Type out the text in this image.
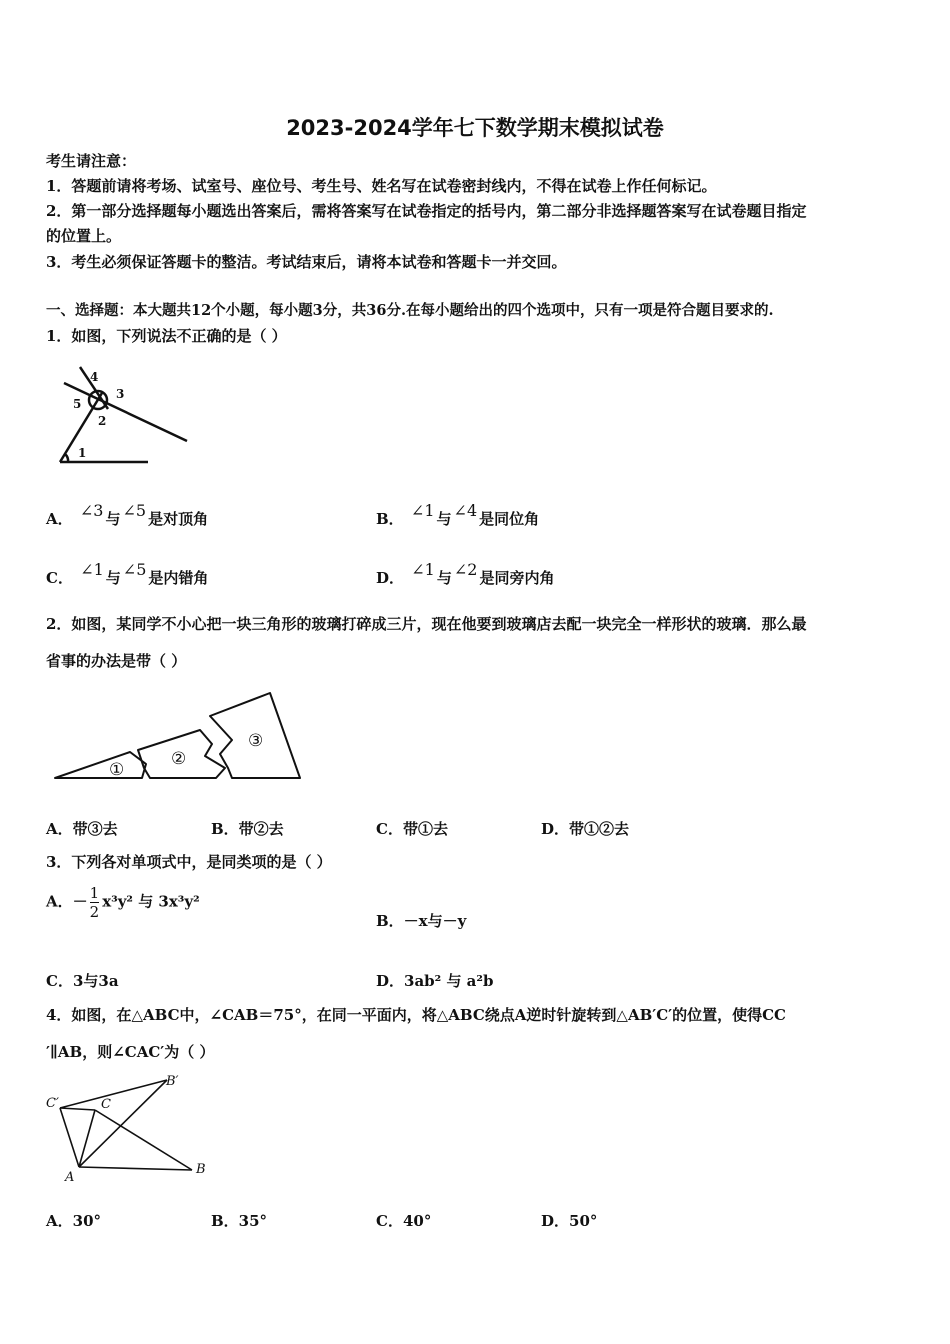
2023-2024学年七下数学期末模拟试卷
考生请注意：
1．答题前请将考场、试室号、座位号、考生号、姓名写在试卷密封线内，不得在试卷上作任何标记。
2．第一部分选择题每小题选出答案后，需将答案写在试卷指定的括号内，第二部分非选择题答案写在试卷题目指定
的位置上。
3．考生必须保证答题卡的整洁。考试结束后，请将本试卷和答题卡一并交回。
一、选择题：本大题共12个小题，每小题3分，共36分.在每小题给出的四个选项中，只有一项是符合题目要求的.
1．如图，下列说法不正确的是（ ）
4
5
3
2
1
A． ∠3 与 ∠5 是对顶角	B． ∠1 与 ∠4 是同位角
C． ∠1 与 ∠5 是内错角	D． ∠1 与 ∠2 是同旁内角
2．如图，某同学不小心把一块三角形的玻璃打碎成三片，现在他要到玻璃店去配一块完全一样形状的玻璃．那么最
省事的办法是带（ ）
①
②
③
A．带③去	B．带②去	C．带①去	D．带①②去
3．下列各对单项式中，是同类项的是（ ）
A．－ $\frac{1}{2} x^3y^2$ 与 3x³y²
B．－x与－y
C．3与3a	D．3ab² 与 a²b
4．如图，在△ABC中，∠CAB＝75°，在同一平面内，将△ABC绕点A逆时针旋转到△AB′C′的位置，使得CC
′∥AB，则∠CAC′为（ ）
C′	C
B′
A
B
A．30°	B．35°	C．40°	D．50°
